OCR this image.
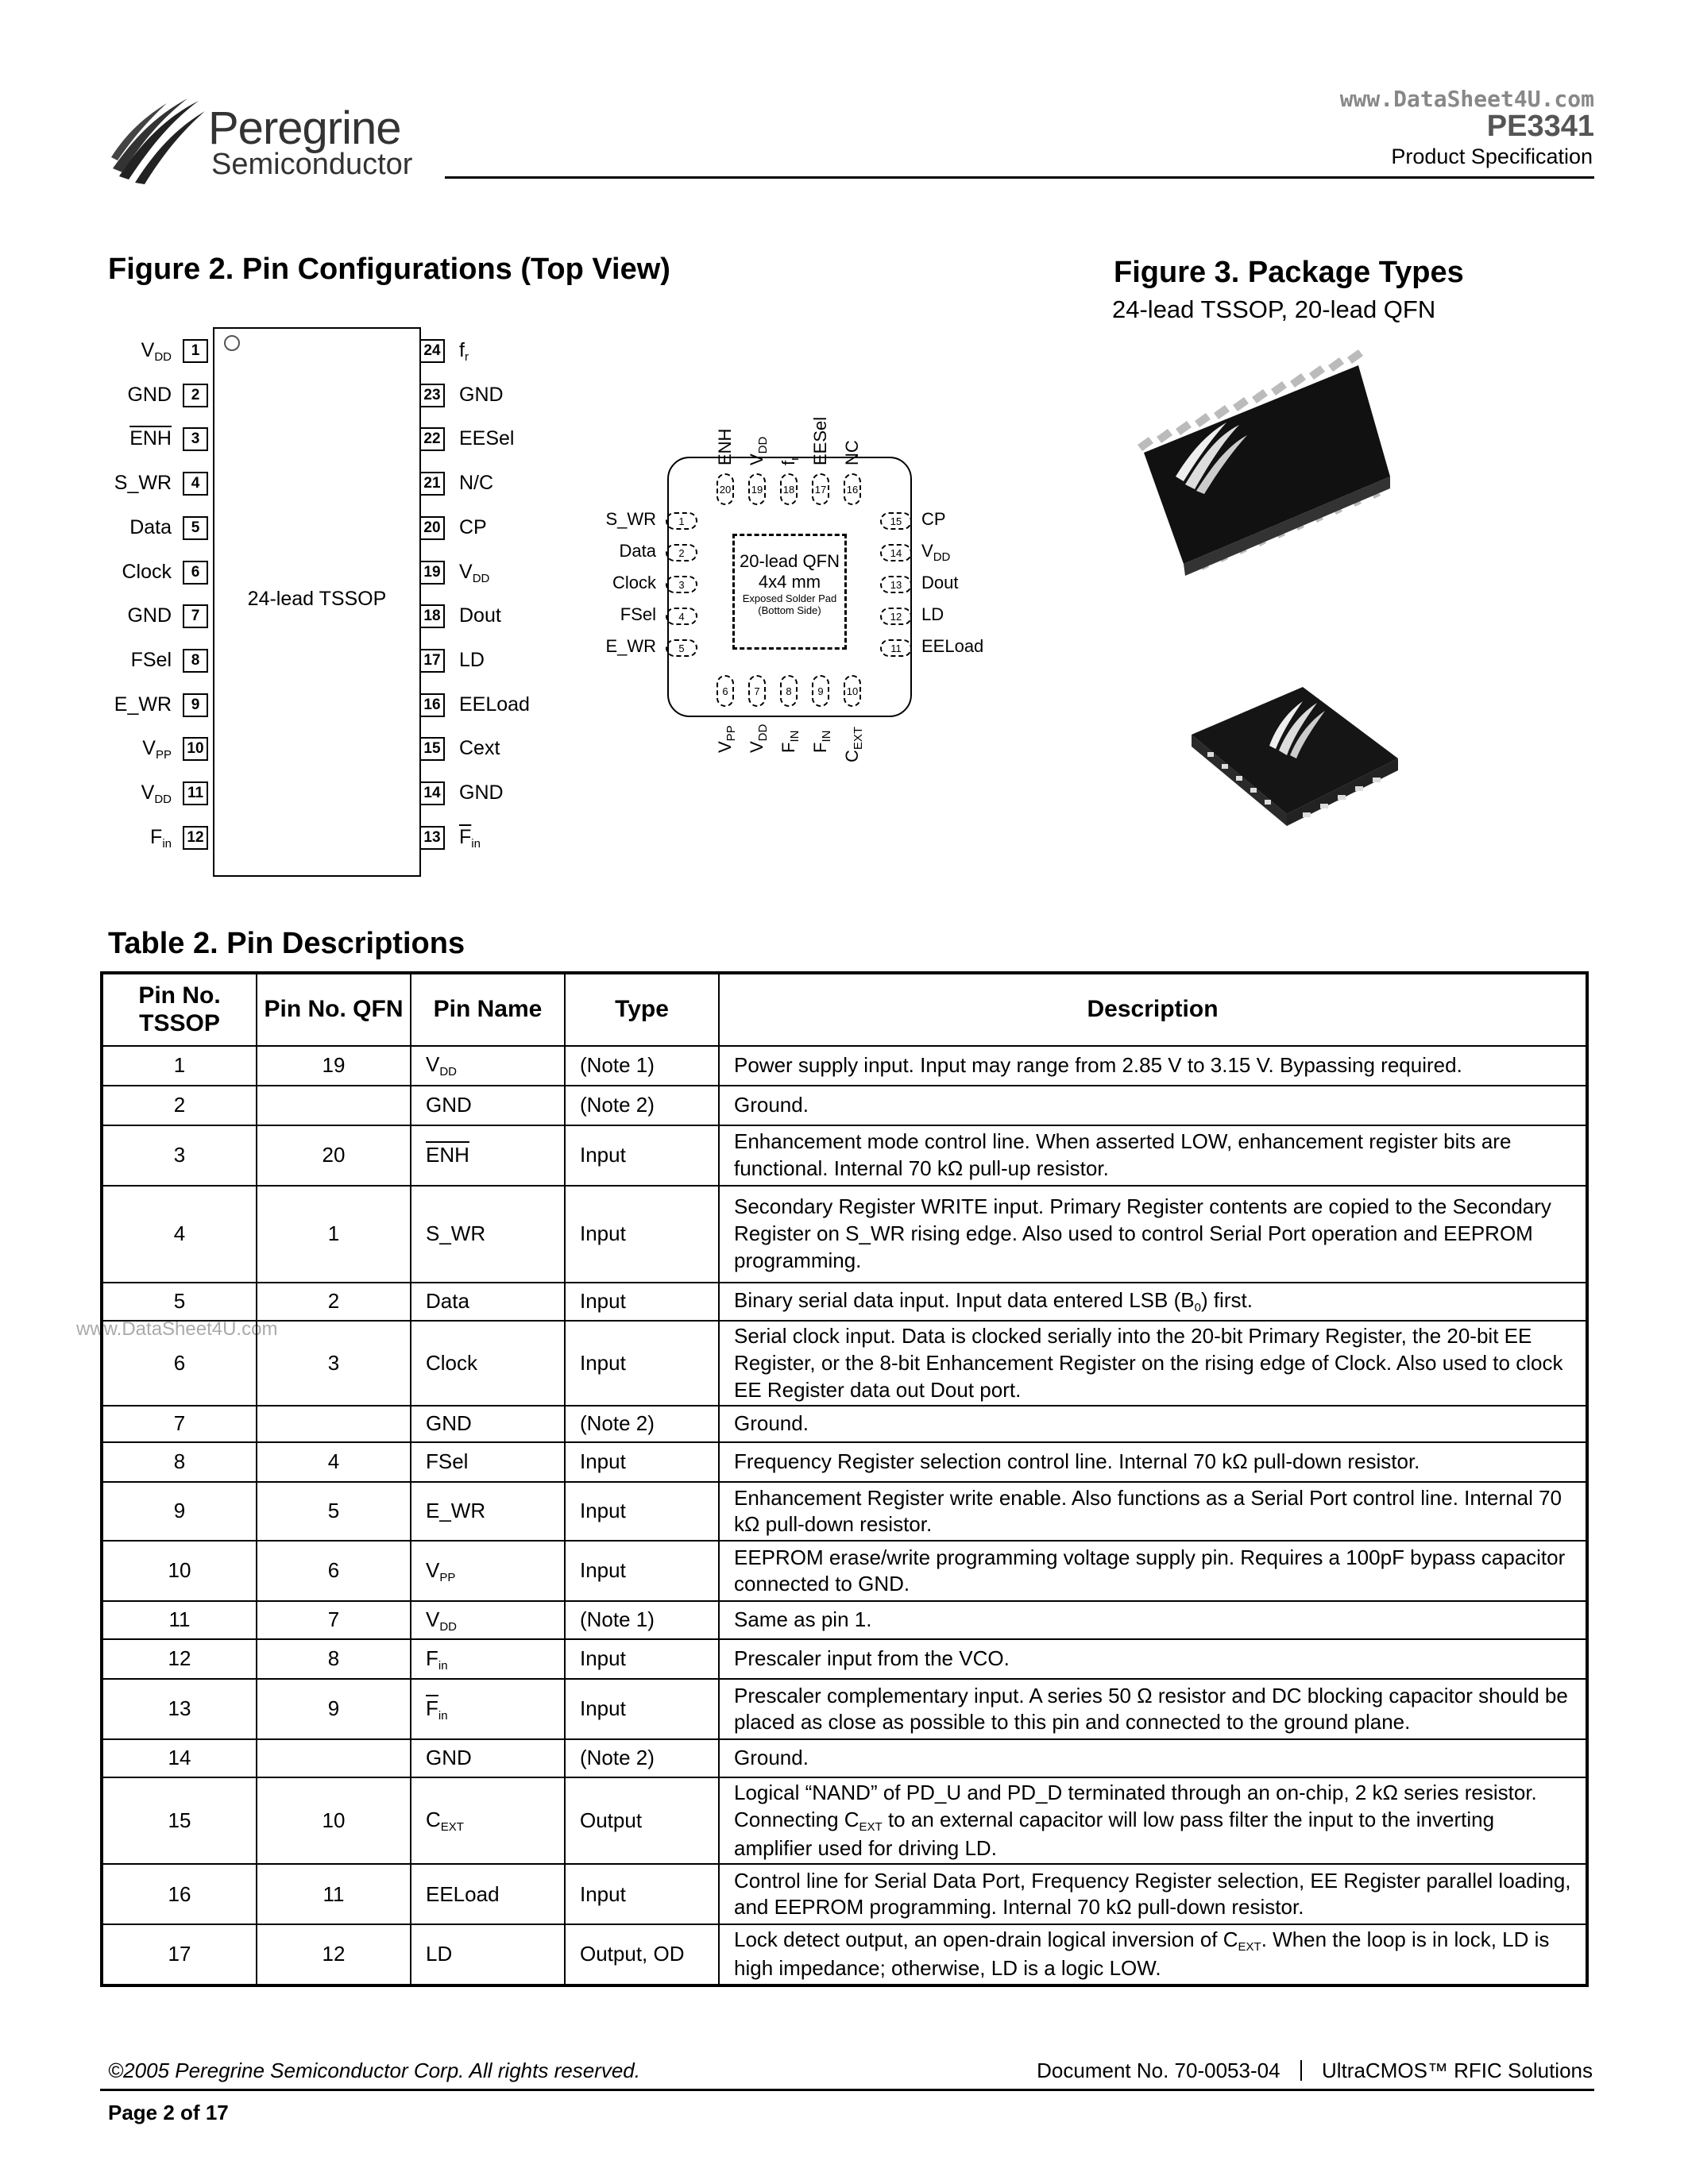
Peregrine
Semiconductor
www.DataSheet4U.com
PE3341
Product Specification
Figure 2. Pin Configurations (Top View)
24-lead TSSOP
1
$V_{DD}$
2
GND
3
$\overline{ENH}$
4
S_WR
5
Data
6
Clock
7
GND
8
FSel
9
E_WR
10
$V_{PP}$
11
$V_{DD}$
12
$F_{in}$
24 $f_r$
23 GND
22 EESel
21 N/C
20 CP
19 $V_{DD}$
18 Dout
17 LD
16 EELoad
15 Cext
14 GND
13 $\overline{F}_{in}$
20-lead QFN
4x4 mm
Exposed Solder Pad
(Bottom Side)
1
S_WR
2
Data
3
Clock
4
FSel
5
E_WR
15	CP
14	$V_{DD}$
13	Dout
12	LD
11	EELoad
20
ENH
19
$V_{DD}$
18
$f_r$
17
EESel
16
NC
6
$V_{PP}$
7
$V_{DD}$
8
$F_{IN}$
9
$F_{IN}$
10
$C_{EXT}$
Figure 3. Package Types
24-lead TSSOP, 20-lead QFN
Table 2. Pin Descriptions
www.DataSheet4U.com
Pin No. TSSOP	Pin No. QFN	Pin Name	Type	Description
1	19	$V_{DD}$	(Note 1)	Power supply input. Input may range from 2.85 V to 3.15 V. Bypassing required.
2		GND	(Note 2)	Ground.
3	20	$\overline{ENH}$	Input	Enhancement mode control line. When asserted LOW, enhancement register bits are functional. Internal 70 kΩ pull-up resistor.
4	1	S_WR	Input	Secondary Register WRITE input. Primary Register contents are copied to the Secondary Register on S_WR rising edge. Also used to control Serial Port operation and EEPROM programming.
5	2	Data	Input	Binary serial data input. Input data entered LSB $(B_0)$ first.
6	3	Clock	Input	Serial clock input. Data is clocked serially into the 20-bit Primary Register, the 20-bit EE Register, or the 8-bit Enhancement Register on the rising edge of Clock. Also used to clock EE Register data out Dout port.
7		GND	(Note 2)	Ground.
8	4	FSel	Input	Frequency Register selection control line. Internal 70 kΩ pull-down resistor.
9	5	E_WR	Input	Enhancement Register write enable. Also functions as a Serial Port control line. Internal 70 kΩ pull-down resistor.
10	6	$V_{PP}$	Input	EEPROM erase/write programming voltage supply pin. Requires a 100pF bypass capacitor connected to GND.
11	7	$V_{DD}$	(Note 1)	Same as pin 1.
12	8	$F_{in}$	Input	Prescaler input from the VCO.
13	9	$\overline{F}_{in}$	Input	Prescaler complementary input. A series 50 Ω resistor and DC blocking capacitor should be placed as close as possible to this pin and connected to the ground plane.
14		GND	(Note 2)	Ground.
15	10	$C_{EXT}$	Output	Logical “NAND” of PD_U and PD_D terminated through an on-chip, 2 kΩ series resistor. Connecting $C_{EXT}$ to an external capacitor will low pass filter the input to the inverting amplifier used for driving LD.
16	11	EELoad	Input	Control line for Serial Data Port, Frequency Register selection, EE Register parallel loading, and EEPROM programming. Internal 70 kΩ pull-down resistor.
17	12	LD	Output, OD	Lock detect output, an open-drain logical inversion of $C_{EXT}$. When the loop is in lock, LD is high impedance; otherwise, LD is a logic LOW.
©2005 Peregrine Semiconductor Corp. All rights reserved.	Document No. 70-0053-04 UltraCMOS™ RFIC Solutions
Page 2 of 17
